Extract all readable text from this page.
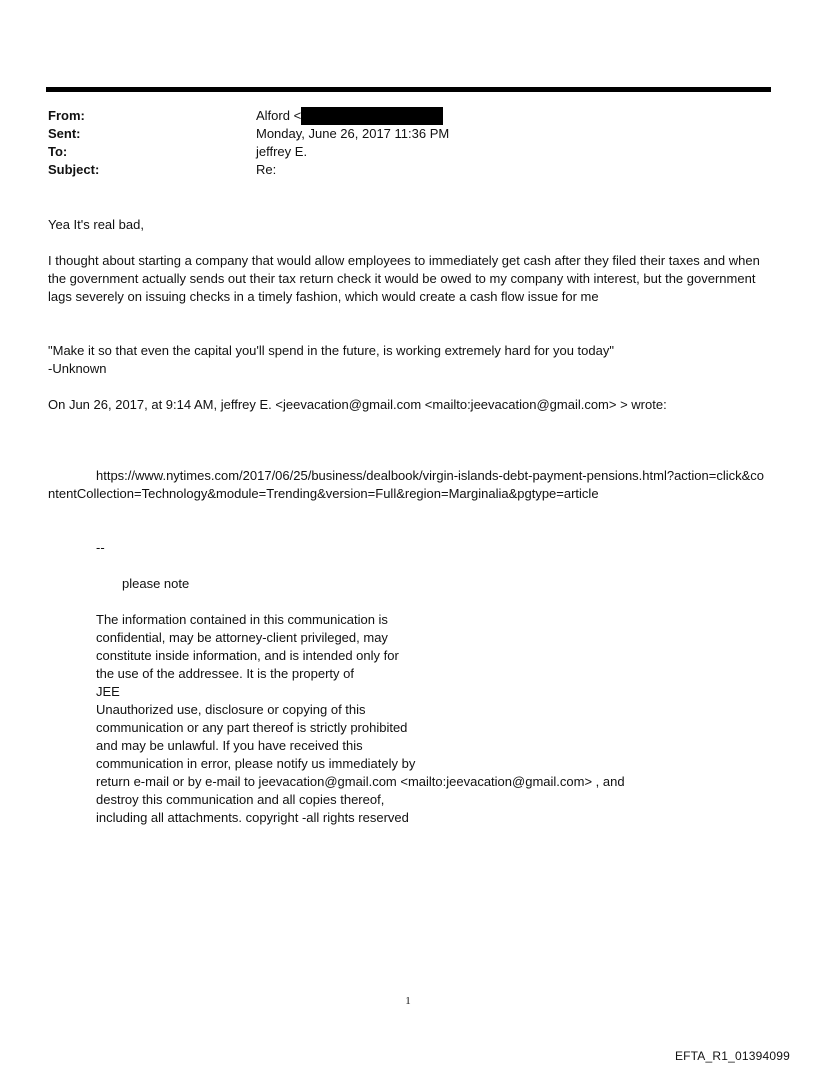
From:	Alford <
Sent:	Monday, June 26, 2017 11:36 PM
To:	jeffrey E.
Subject:	Re:
Yea It's real bad,
I thought about starting a company that would allow employees to immediately get cash after they filed their taxes and when the government actually sends out their tax return check it would be owed to my company with interest, but the government lags severely on issuing checks in a timely fashion, which would create a cash flow issue for me
"Make it so that even the capital you'll spend in the future, is working extremely hard for you today"
-Unknown
On Jun 26, 2017, at 9:14 AM, jeffrey E. <jeevacation@gmail.com <mailto:jeevacation@gmail.com> > wrote:
https://www.nytimes.com/2017/06/25/business/dealbook/virgin-islands-debt-payment-pensions.html?action=click&contentCollection=Technology&module=Trending&version=Full&region=Marginalia&pgtype=article
--
please note
The information contained in this communication is
confidential, may be attorney-client privileged, may
constitute inside information, and is intended only for
the use of the addressee. It is the property of
JEE
Unauthorized use, disclosure or copying of this
communication or any part thereof is strictly prohibited
and may be unlawful. If you have received this
communication in error, please notify us immediately by
return e-mail or by e-mail to jeevacation@gmail.com <mailto:jeevacation@gmail.com> , and
destroy this communication and all copies thereof,
including all attachments. copyright -all rights reserved
1
EFTA_R1_01394099
